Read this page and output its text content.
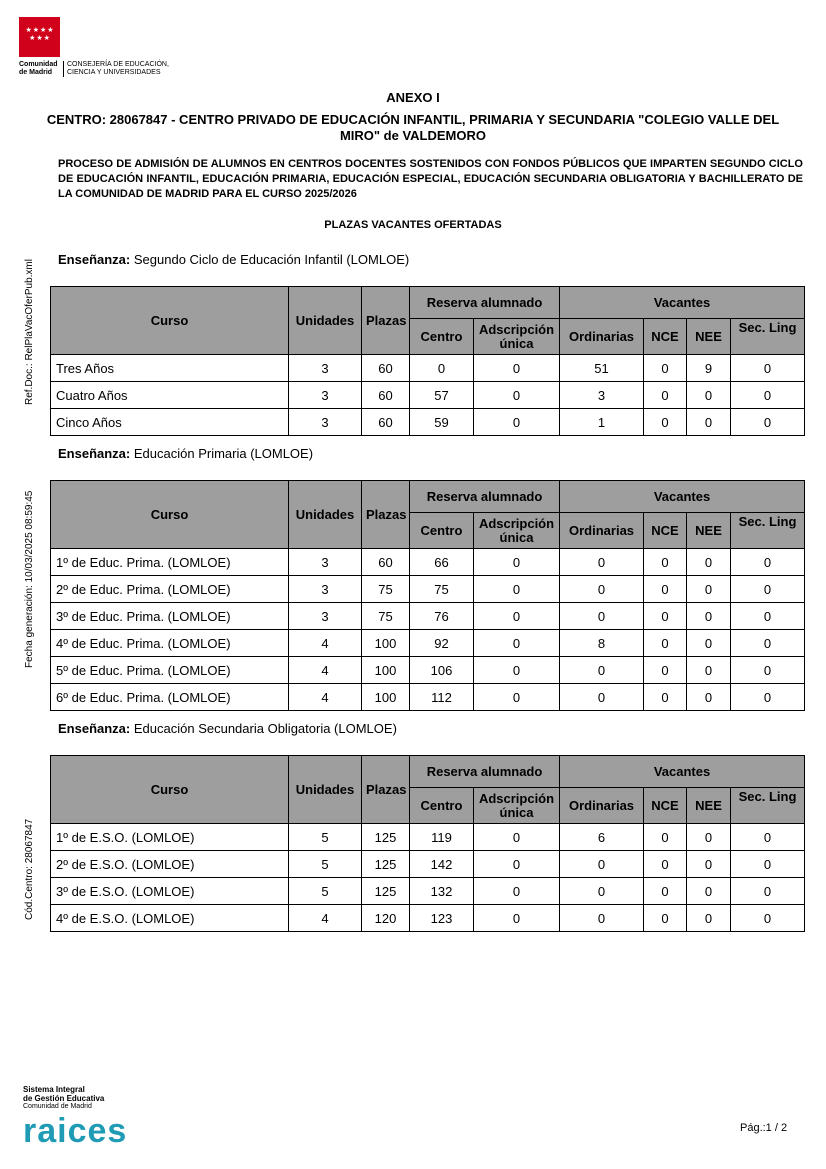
★★★★
★★★
Comunidad
de Madrid
CONSEJERÍA DE EDUCACIÓN,
CIENCIA Y UNIVERSIDADES
Ref.Doc.: RelPlaVacOferPub.xml
Fecha generación: 10/03/2025 08:59:45
Cód.Centro: 28067847
ANEXO I
CENTRO: 28067847 - CENTRO PRIVADO DE EDUCACIÓN INFANTIL, PRIMARIA Y SECUNDARIA "COLEGIO VALLE DEL MIRO" de VALDEMORO
PROCESO DE ADMISIÓN DE ALUMNOS EN CENTROS DOCENTES SOSTENIDOS CON FONDOS PÚBLICOS QUE IMPARTEN SEGUNDO CICLO DE EDUCACIÓN INFANTIL, EDUCACIÓN PRIMARIA, EDUCACIÓN ESPECIAL, EDUCACIÓN SECUNDARIA OBLIGATORIA Y BACHILLERATO DE LA COMUNIDAD DE MADRID PARA EL CURSO 2025/2026
PLAZAS VACANTES OFERTADAS
Enseñanza: Segundo Ciclo de Educación Infantil (LOMLOE)
Curso	Unidades	Plazas	Reserva alumnado		Vacantes			
			Centro	Adscripción única	Ordinarias	NCE	NEE	Sec. Ling
Tres Años	3	60	0	0	51	0	9	0
Cuatro Años	3	60	57	0	3	0	0	0
Cinco Años	3	60	59	0	1	0	0	0
Enseñanza: Educación Primaria (LOMLOE)
Curso	Unidades	Plazas	Reserva alumnado		Vacantes			
			Centro	Adscripción única	Ordinarias	NCE	NEE	Sec. Ling
1º de Educ. Prima. (LOMLOE)	3	60	66	0	0	0	0	0
2º de Educ. Prima. (LOMLOE)	3	75	75	0	0	0	0	0
3º de Educ. Prima. (LOMLOE)	3	75	76	0	0	0	0	0
4º de Educ. Prima. (LOMLOE)	4	100	92	0	8	0	0	0
5º de Educ. Prima. (LOMLOE)	4	100	106	0	0	0	0	0
6º de Educ. Prima. (LOMLOE)	4	100	112	0	0	0	0	0
Enseñanza: Educación Secundaria Obligatoria (LOMLOE)
Curso	Unidades	Plazas	Reserva alumnado		Vacantes			
			Centro	Adscripción única	Ordinarias	NCE	NEE	Sec. Ling
1º de E.S.O. (LOMLOE)	5	125	119	0	6	0	0	0
2º de E.S.O. (LOMLOE)	5	125	142	0	0	0	0	0
3º de E.S.O. (LOMLOE)	5	125	132	0	0	0	0	0
4º de E.S.O. (LOMLOE)	4	120	123	0	0	0	0	0
Sistema Integral
de Gestión Educativa
Comunidad de Madrid
raices	Pág.:1 / 2
